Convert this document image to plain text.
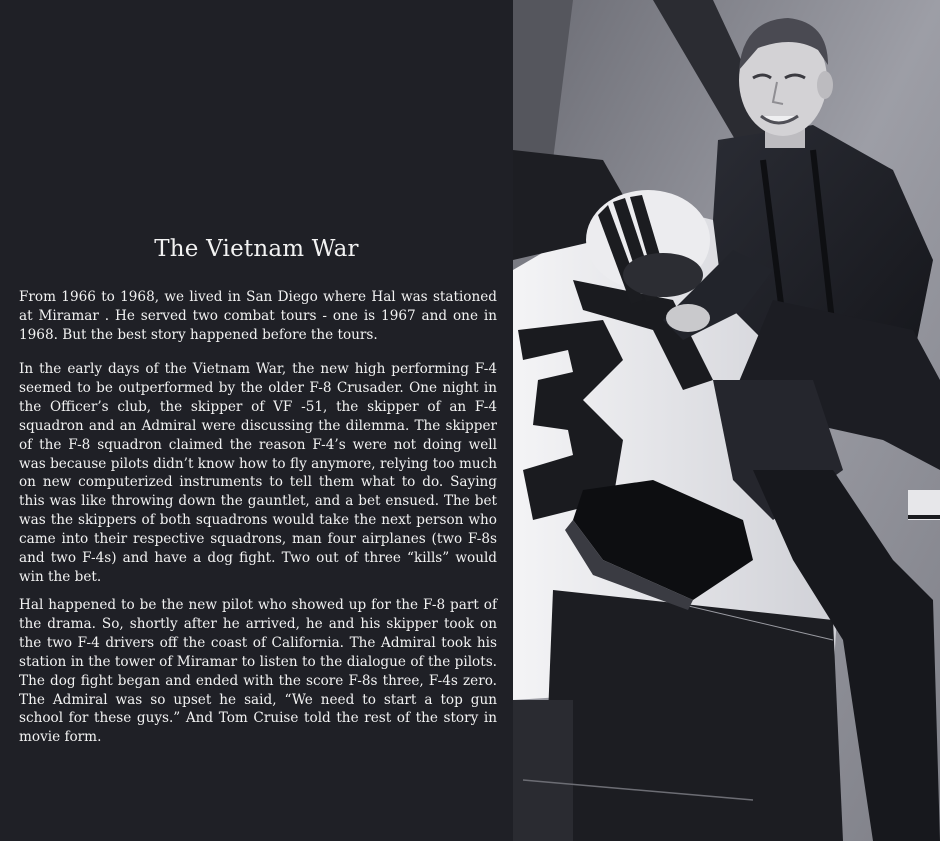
The Vietnam War

From 1966 to 1968, we lived in San Diego where Hal was stationed at Miramar . He served two combat tours - one is 1967 and one in 1968. But the best story happened before the tours.

In the early days of the Vietnam War, the new high performing F-4 seemed to be outperformed by the older F-8 Crusader. One night in the Officer’s club, the skipper of VF -51, the skipper of an F-4 squadron and an Admiral were discussing the dilemma. The skipper of the F-8 squadron claimed the reason F-4’s were not doing well was because pilots didn’t know how to fly anymore, relying too much on new computerized instruments to tell them what to do. Saying this was like throwing down the gauntlet, and a bet ensued. The bet was the skippers of both squadrons would take the next person who came into their respective squadrons, man four airplanes (two F-8s and two F-4s) and have a dog fight. Two out of three “kills” would win the bet.

Hal happened to be the new pilot who showed up for the F-8 part of the drama. So, shortly after he arrived, he and his skipper took on the two F-4 drivers off the coast of California. The Admiral took his station in the tower of Miramar to listen to the dialogue of the pilots. The dog fight began and ended with the score F-8s three, F-4s zero. The Admiral was so upset he said, “We need to start a top gun school for these guys.” And Tom Cruise told the rest of the story in movie form.
